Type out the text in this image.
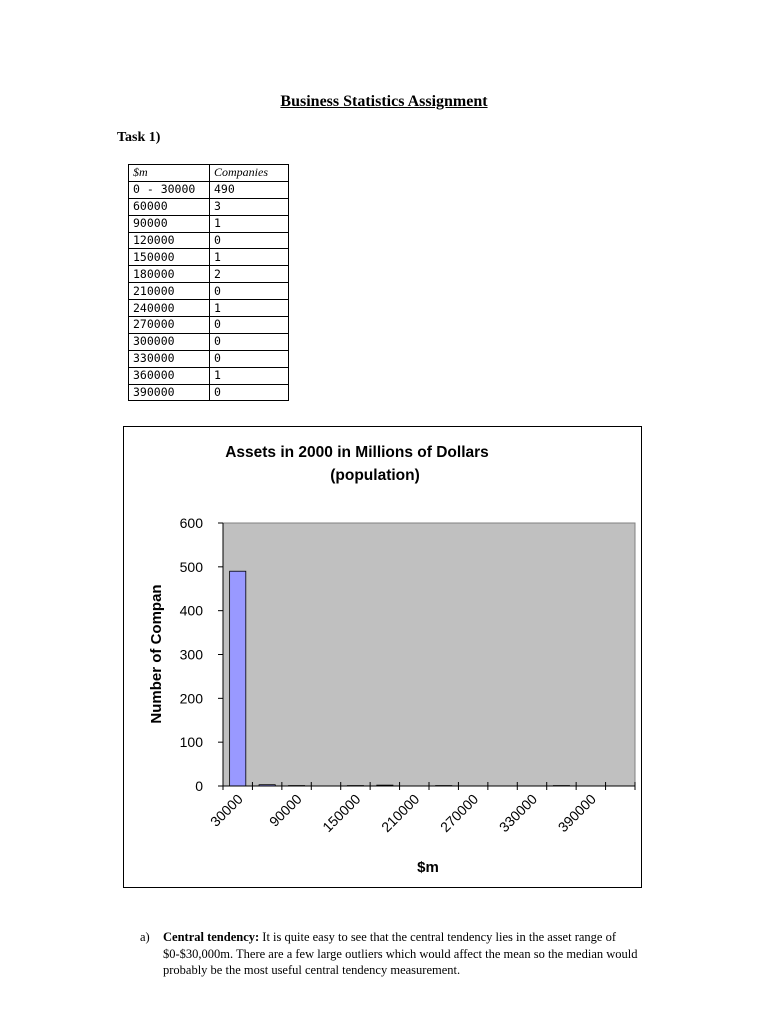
Business Statistics Assignment
Task 1)
$m	Companies
0 - 30000	490
60000	3
90000	1
120000	0
150000	1
180000	2
210000	0
240000	1
270000	0
300000	0
330000	0
360000	1
390000	0
Assets in 2000 in Millions of Dollars
(population)
0
100
200
300
400
500
600
30000 90000 150000 210000 270000 330000 390000
Number of Compan
$m
a) Central tendency: It is quite easy to see that the central tendency lies in the asset range of $0-$30,000m. There are a few large outliers which would affect the mean so the median would probably be the most useful central tendency measurement.
